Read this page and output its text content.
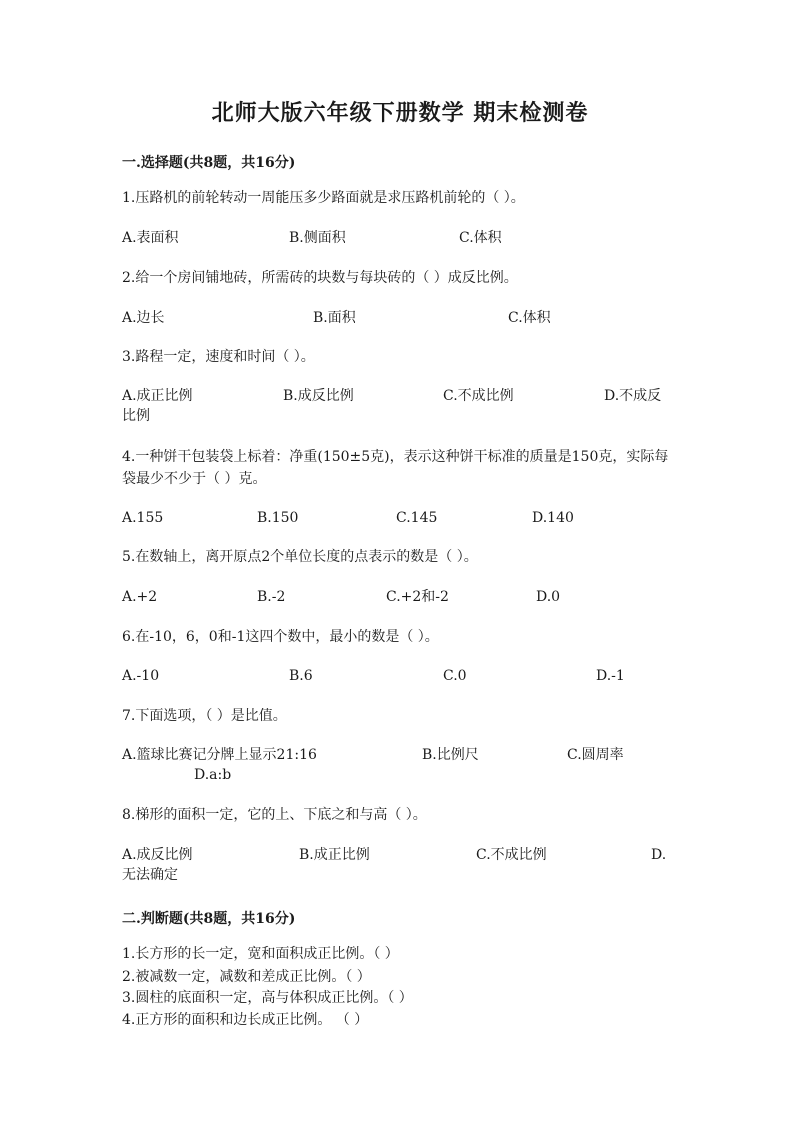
北师大版六年级下册数学 期末检测卷

一.选择题(共8题，共16分)

1.压路机的前轮转动一周能压多少路面就是求压路机前轮的（ ）。

A.表面积	B.侧面积	C.体积

2.给一个房间铺地砖，所需砖的块数与每块砖的（ ）成反比例。

A.边长	B.面积	C.体积

3.路程一定，速度和时间（ ）。

A.成正比例	B.成反比例	C.不成比例	D.不成反
比例

4.一种饼干包装袋上标着：净重(150±5克)，表示这种饼干标准的质量是150克，实际每袋最少不少于（ ）克。

A.155	B.150	C.145	D.140

5.在数轴上，离开原点2个单位长度的点表示的数是（ ）。

A.+2	B.-2	C.+2和-2	D.0

6.在-10，6，0和-1这四个数中，最小的数是（ ）。

A.-10	B.6	C.0	D.-1

7.下面选项，（ ）是比值。

A.篮球比赛记分牌上显示21:16	B.比例尺	C.圆周率
D.a:b

8.梯形的面积一定，它的上、下底之和与高（ ）。

A.成反比例	B.成正比例	C.不成比例	D.
无法确定

二.判断题(共8题，共16分)

1.长方形的长一定，宽和面积成正比例。（ ）

2.被减数一定，减数和差成正比例。（ ）

3.圆柱的底面积一定，高与体积成正比例。（ ）

4.正方形的面积和边长成正比例。 （ ）
